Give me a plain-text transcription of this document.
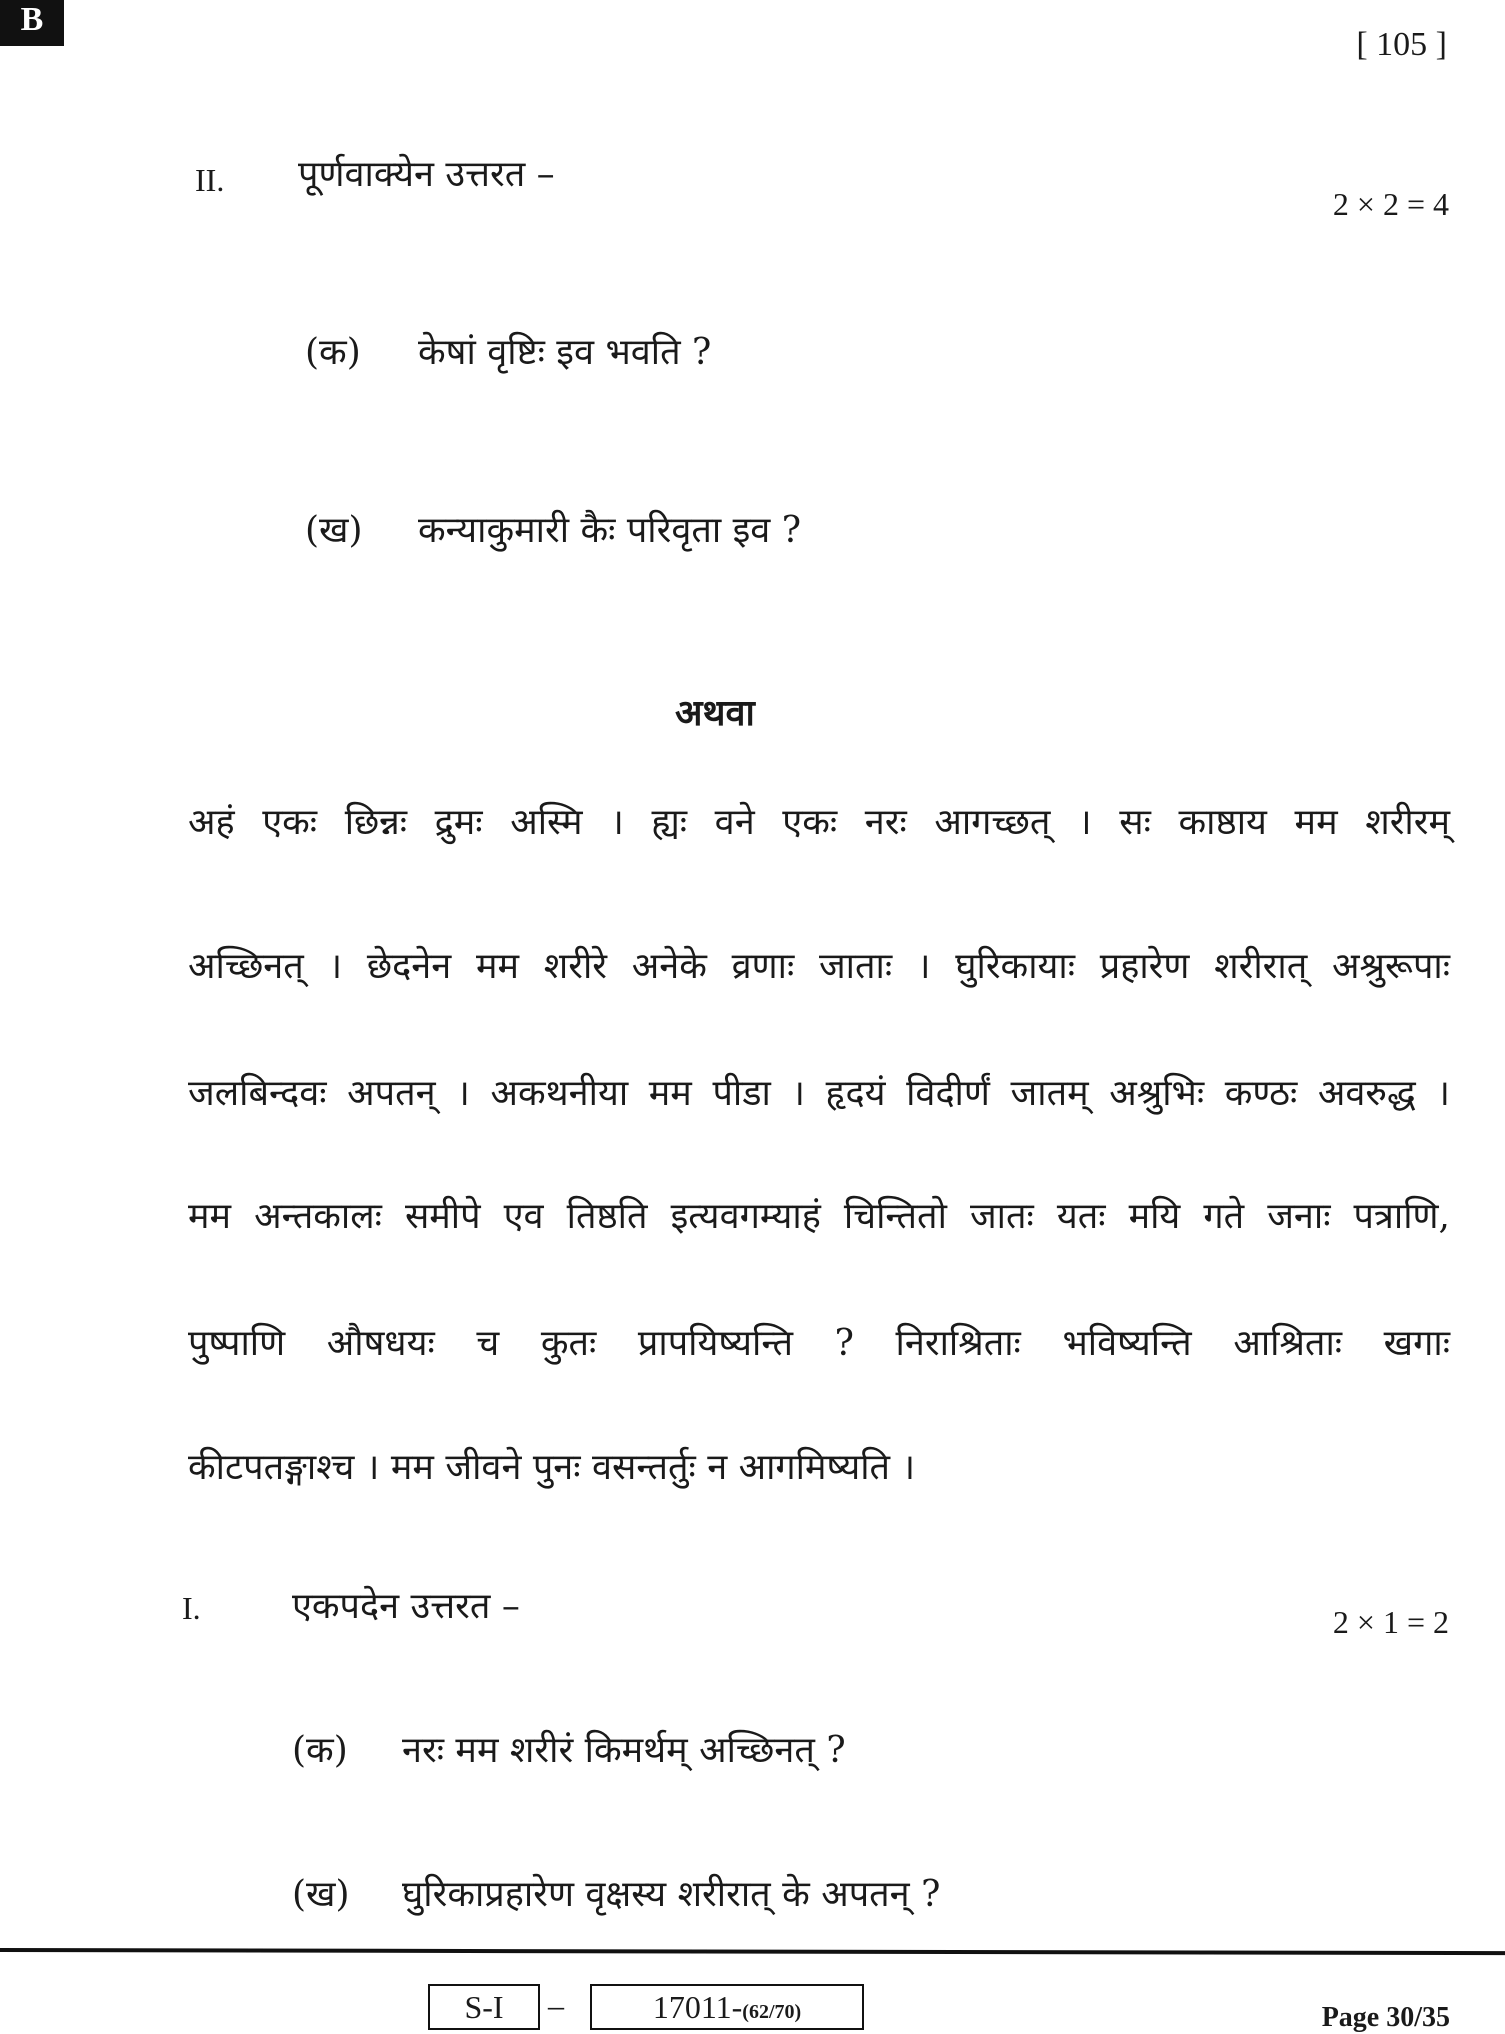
B
[ 105 ]
II. पूर्णवाक्येन उत्तरत –
2 × 2 = 4
(क) केषां वृष्टिः इव भवति ?
(ख) कन्याकुमारी कैः परिवृता इव ?
अथवा
अहं एकः छिन्नः द्रुमः अस्मि । ह्यः वने एकः नरः आगच्छत् । सः काष्ठाय मम शरीरम्
अच्छिनत् । छेदनेन मम शरीरे अनेके व्रणाः जाताः । घुरिकायाः प्रहारेण शरीरात् अश्रुरूपाः
जलबिन्दवः अपतन् । अकथनीया मम पीडा । हृदयं विदीर्णं जातम् अश्रुभिः कण्ठः अवरुद्ध ।
मम अन्तकालः समीपे एव तिष्ठति इत्यवगम्याहं चिन्तितो जातः यतः मयि गते जनाः पत्राणि,
पुष्पाणि औषधयः च कुतः प्रापयिष्यन्ति ? निराश्रिताः भविष्यन्ति आश्रिताः खगाः
कीटपतङ्गाश्च । मम जीवने पुनः वसन्तर्तुः न आगमिष्यति ।
I.	एकपदेन उत्तरत –	2 × 1 = 2
(क) नरः मम शरीरं किमर्थम् अच्छिनत् ?
(ख) घुरिकाप्रहारेण वृक्षस्य शरीरात् के अपतन् ?
S-I	–	17011-(62/70)	Page 30/35
